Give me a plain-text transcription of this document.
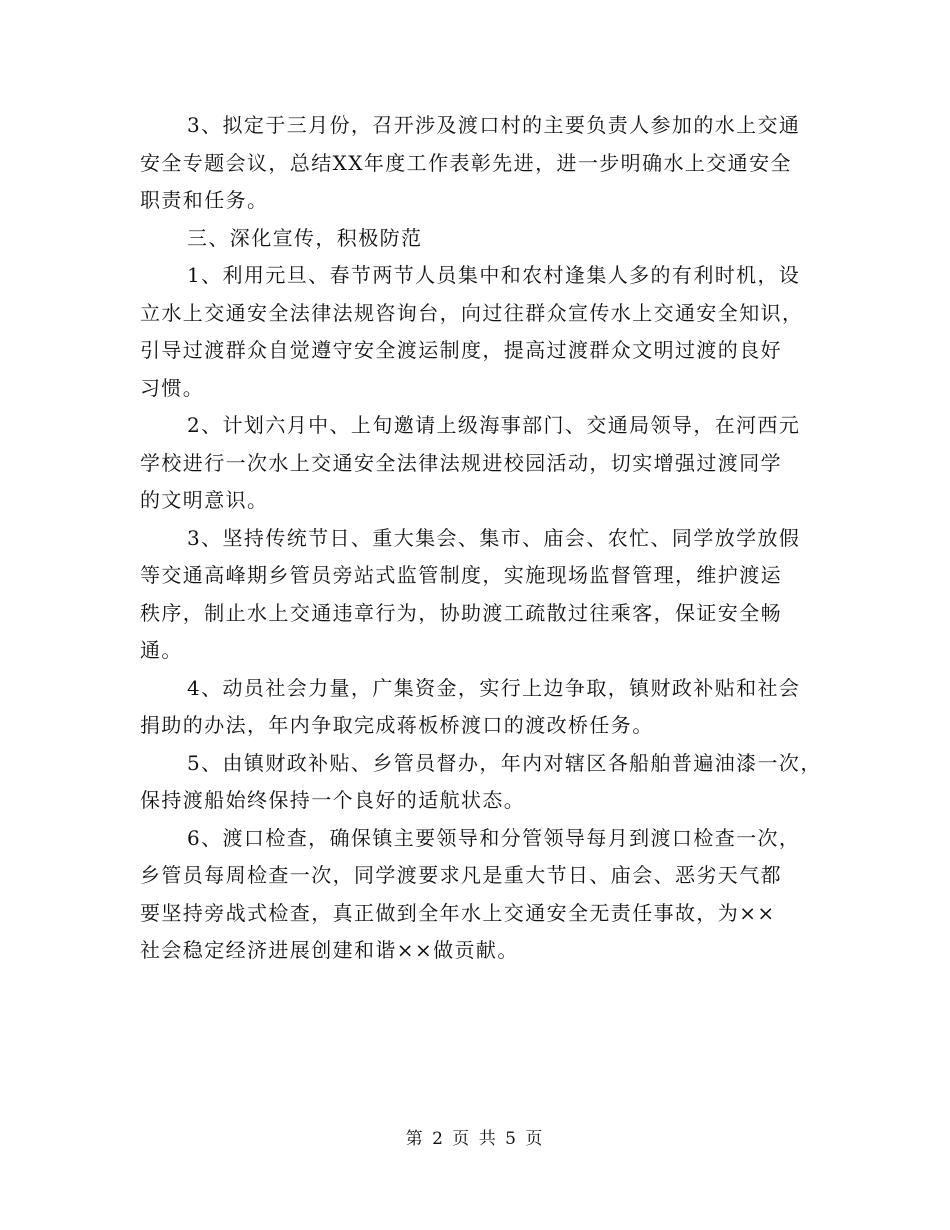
3、拟定于三月份，召开涉及渡口村的主要负责人参加的水上交通
安全专题会议，总结XX年度工作表彰先进，进一步明确水上交通安全
职责和任务。
三、深化宣传，积极防范
1、利用元旦、春节两节人员集中和农村逢集人多的有利时机，设
立水上交通安全法律法规咨询台，向过往群众宣传水上交通安全知识，
引导过渡群众自觉遵守安全渡运制度，提高过渡群众文明过渡的良好
习惯。
2、计划六月中、上旬邀请上级海事部门、交通局领导，在河西元
学校进行一次水上交通安全法律法规进校园活动，切实增强过渡同学
的文明意识。
3、坚持传统节日、重大集会、集市、庙会、农忙、同学放学放假
等交通高峰期乡管员旁站式监管制度，实施现场监督管理，维护渡运
秩序，制止水上交通违章行为，协助渡工疏散过往乘客，保证安全畅
通。
4、动员社会力量，广集资金，实行上边争取，镇财政补贴和社会
捐助的办法，年内争取完成蒋板桥渡口的渡改桥任务。
5、由镇财政补贴、乡管员督办，年内对辖区各船舶普遍油漆一次，
保持渡船始终保持一个良好的适航状态。
6、渡口检查，确保镇主要领导和分管领导每月到渡口检查一次，
乡管员每周检查一次，同学渡要求凡是重大节日、庙会、恶劣天气都
要坚持旁战式检查，真正做到全年水上交通安全无责任事故，为××
社会稳定经济进展创建和谐××做贡献。
第 2 页 共 5 页
